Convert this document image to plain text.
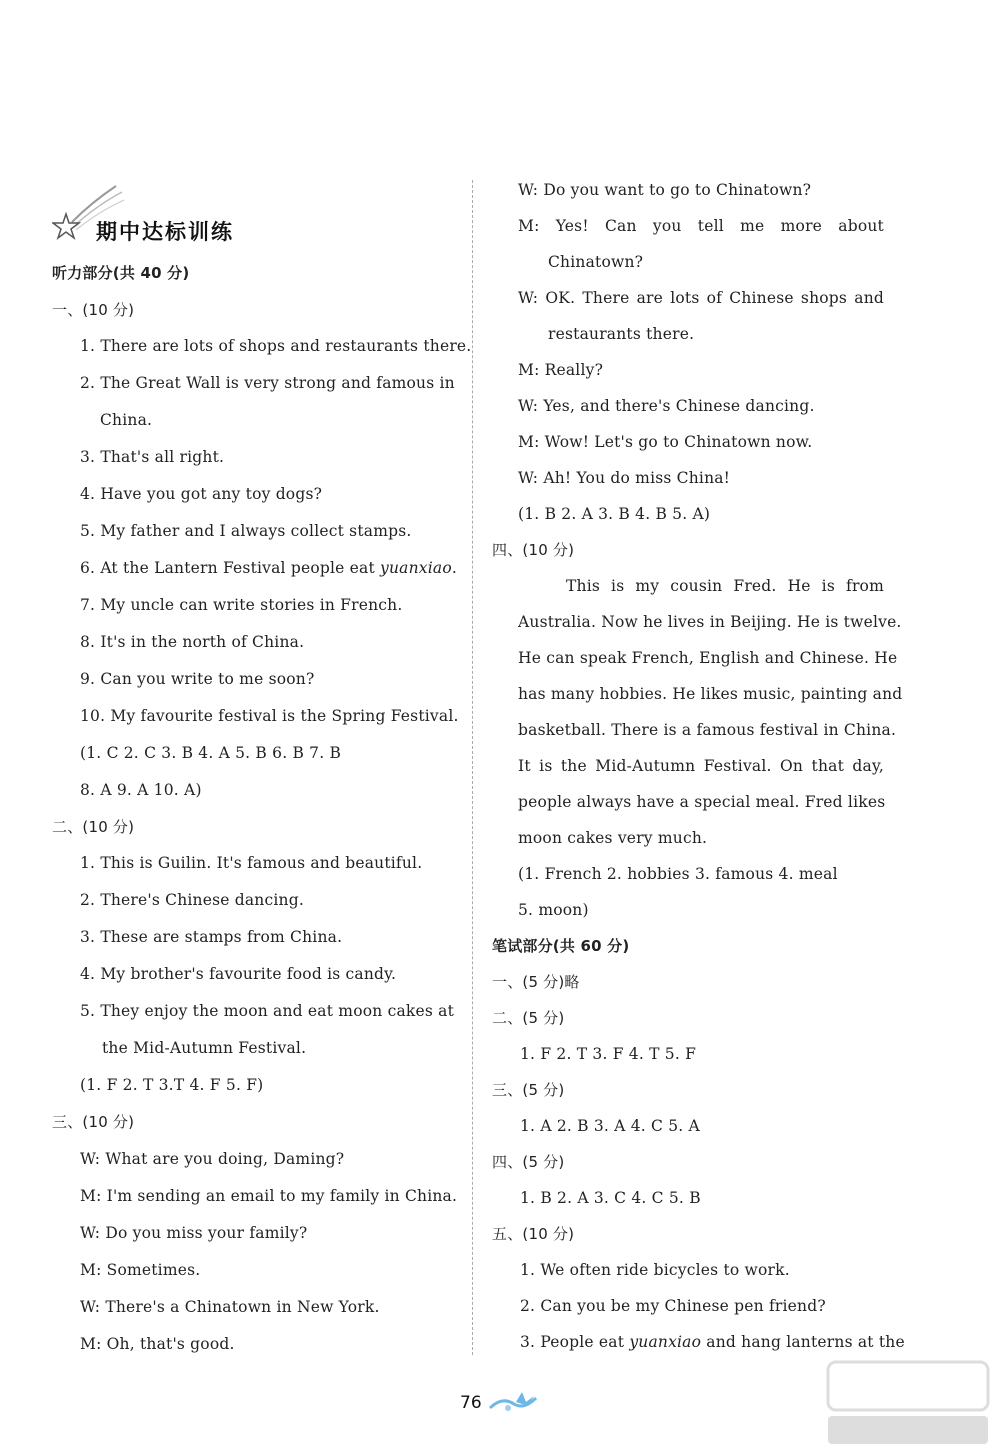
期中达标训练
听力部分(共 40 分)
一、(10 分)
1. There are lots of shops and restaurants there.
2. The Great Wall is very strong and famous in
China.
3. That's all right.
4. Have you got any toy dogs?
5. My father and I always collect stamps.
6. At the Lantern Festival people eat yuanxiao.
7. My uncle can write stories in French.
8. It's in the north of China.
9. Can you write to me soon?
10. My favourite festival is the Spring Festival.
(1. C 2. C 3. B 4. A 5. B 6. B 7. B
8. A 9. A 10. A)
二、(10 分)
1. This is Guilin. It's famous and beautiful.
2. There's Chinese dancing.
3. These are stamps from China.
4. My brother's favourite food is candy.
5. They enjoy the moon and eat moon cakes at
the Mid-Autumn Festival.
(1. F 2. T 3.T 4. F 5. F)
三、(10 分)
W: What are you doing, Daming?
M: I'm sending an email to my family in China.
W: Do you miss your family?
M: Sometimes.
W: There's a Chinatown in New York.
M: Oh, that's good.
W: Do you want to go to Chinatown?
M: Yes! Can you tell me more about
Chinatown?
W: OK. There are lots of Chinese shops and
restaurants there.
M: Really?
W: Yes, and there's Chinese dancing.
M: Wow! Let's go to Chinatown now.
W: Ah! You do miss China!
(1. B 2. A 3. B 4. B 5. A)
四、(10 分)
This is my cousin Fred. He is from
Australia. Now he lives in Beijing. He is twelve.
He can speak French, English and Chinese. He
has many hobbies. He likes music, painting and
basketball. There is a famous festival in China.
It is the Mid-Autumn Festival. On that day,
people always have a special meal. Fred likes
moon cakes very much.
(1. French 2. hobbies 3. famous 4. meal
5. moon)
笔试部分(共 60 分)
一、(5 分)略
二、(5 分)
1. F 2. T 3. F 4. T 5. F
三、(5 分)
1. A 2. B 3. A 4. C 5. A
四、(5 分)
1. B 2. A 3. C 4. C 5. B
五、(10 分)
1. We often ride bicycles to work.
2. Can you be my Chinese pen friend?
3. People eat yuanxiao and hang lanterns at the
76
